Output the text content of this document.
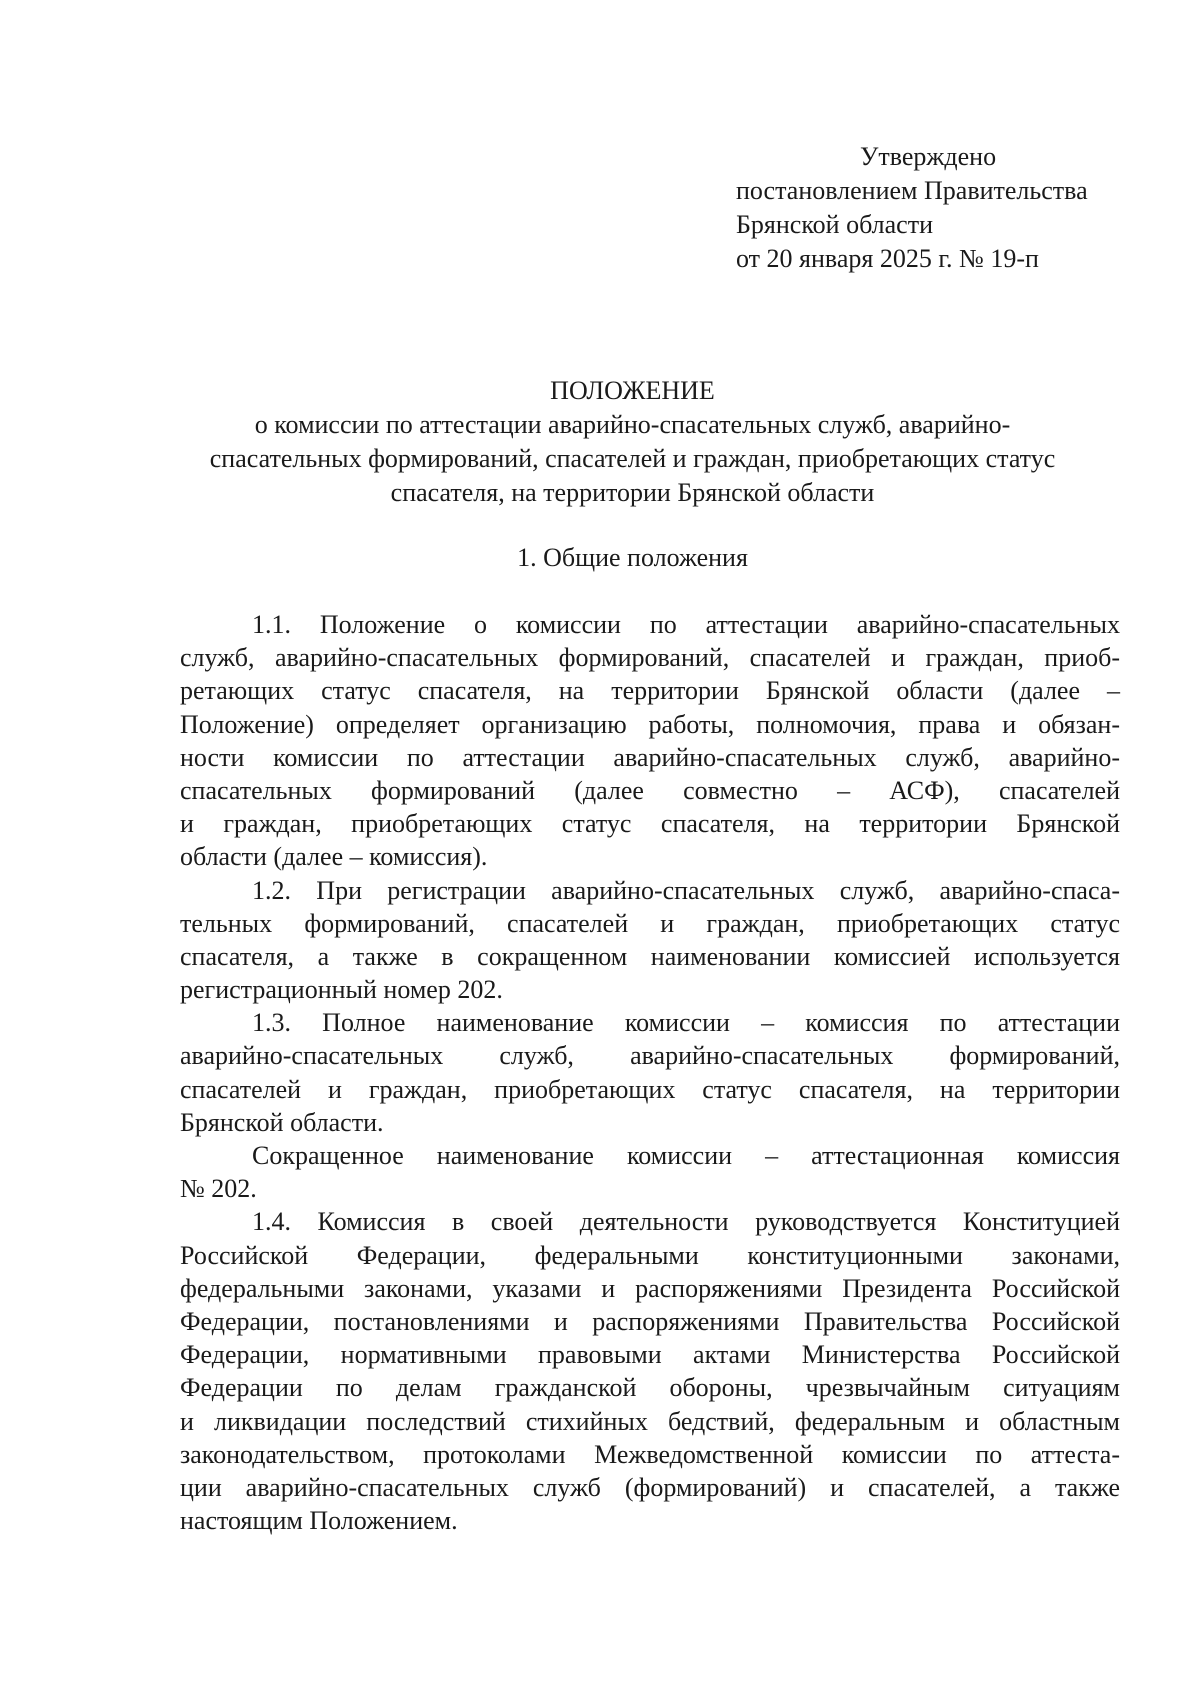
Утверждено
постановлением Правительства
Брянской области
от 20 января 2025 г. № 19-п
ПОЛОЖЕНИЕ
о комиссии по аттестации аварийно-спасательных служб, аварийно-
спасательных формирований, спасателей и граждан, приобретающих статус
спасателя, на территории Брянской области
1. Общие положения
1.1. Положение о комиссии по аттестации аварийно-спасательных
служб, аварийно-спасательных формирований, спасателей и граждан, приоб-
ретающих статус спасателя, на территории Брянской области (далее –
Положение) определяет организацию работы, полномочия, права и обязан-
ности комиссии по аттестации аварийно-спасательных служб, аварийно-
спасательных формирований (далее совместно – АСФ), спасателей
и граждан, приобретающих статус спасателя, на территории Брянской
области (далее – комиссия).
1.2. При регистрации аварийно-спасательных служб, аварийно-спаса-
тельных формирований, спасателей и граждан, приобретающих статус
спасателя, а также в сокращенном наименовании комиссией используется
регистрационный номер 202.
1.3. Полное наименование комиссии – комиссия по аттестации
аварийно-спасательных служб, аварийно-спасательных формирований,
спасателей и граждан, приобретающих статус спасателя, на территории
Брянской области.
Сокращенное наименование комиссии – аттестационная комиссия
№ 202.
1.4. Комиссия в своей деятельности руководствуется Конституцией
Российской Федерации, федеральными конституционными законами,
федеральными законами, указами и распоряжениями Президента Российской
Федерации, постановлениями и распоряжениями Правительства Российской
Федерации, нормативными правовыми актами Министерства Российской
Федерации по делам гражданской обороны, чрезвычайным ситуациям
и ликвидации последствий стихийных бедствий, федеральным и областным
законодательством, протоколами Межведомственной комиссии по аттеста-
ции аварийно-спасательных служб (формирований) и спасателей, а также
настоящим Положением.
